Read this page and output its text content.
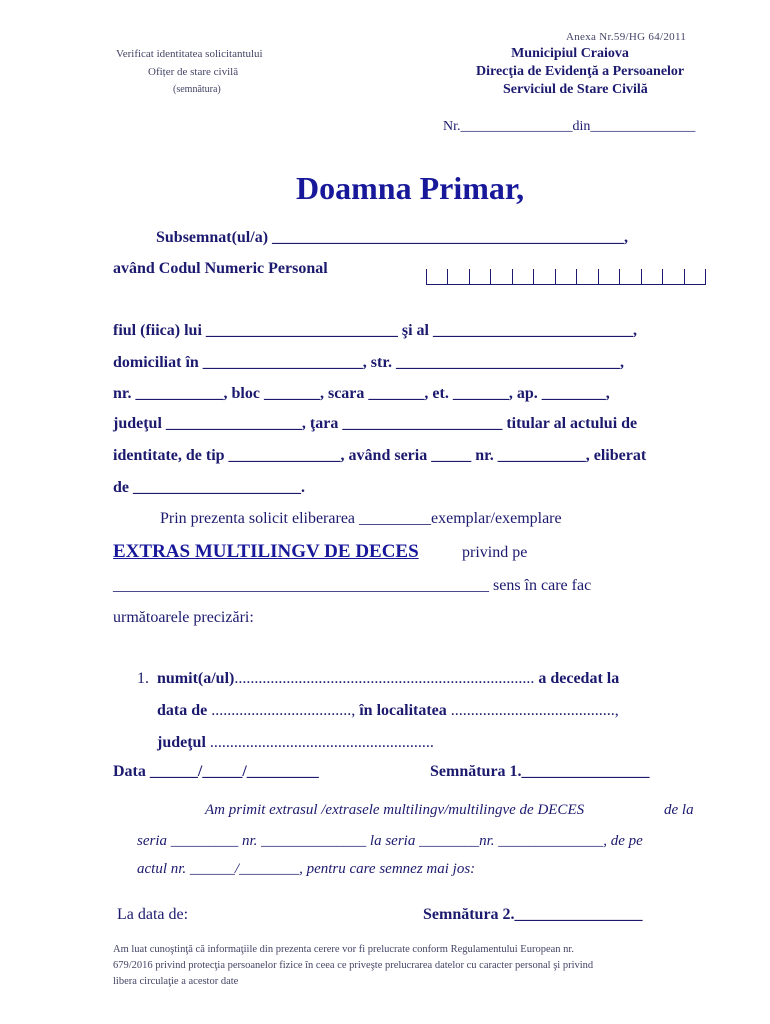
Anexa Nr.59/HG 64/2011
Verificat identitatea solicitantului
Ofițer de stare civilă
(semnătura)
Municipiul Craiova
Direcţia de Evidenţă a Persoanelor
Serviciul de Stare Civilă
Nr.________________din_______________
Doamna Primar,
Subsemnat(ul/a) ____________________________________________,
având Codul Numeric Personal
fiul (fiica) lui ________________________ şi al _________________________,
domiciliat în ____________________, str. ____________________________,
nr. ___________, bloc _______, scara _______, et. _______, ap. ________,
judeţul _________________, ţara ____________________ titular al actului de
identitate, de tip ______________, având seria _____ nr. ___________, eliberat
de _____________________.
Prin prezenta solicit eliberarea _________exemplar/exemplare
EXTRAS MULTILINGV DE DECES	privind pe
_______________________________________________ sens în care fac
următoarele precizări:
1. numit(a/ul)........................................................................... a decedat la
data de ..................................., în localitatea .........................................,
judeţul ........................................................
Data ______/_____/_________	Semnătura 1.________________
Am primit extrasul /extrasele multilingv/multilingve de DECES	de la
seria _________ nr. ______________ la seria ________nr. ______________, de pe
actul nr. ______/________, pentru care semnez mai jos:
La data de:	Semnătura 2.________________
Am luat cunoştinţă că informaţiile din prezenta cerere vor fi prelucrate conform Regulamentului European nr.
679/2016 privind protecţia persoanelor fizice în ceea ce priveşte prelucrarea datelor cu caracter personal şi privind
libera circulaţie a acestor date
